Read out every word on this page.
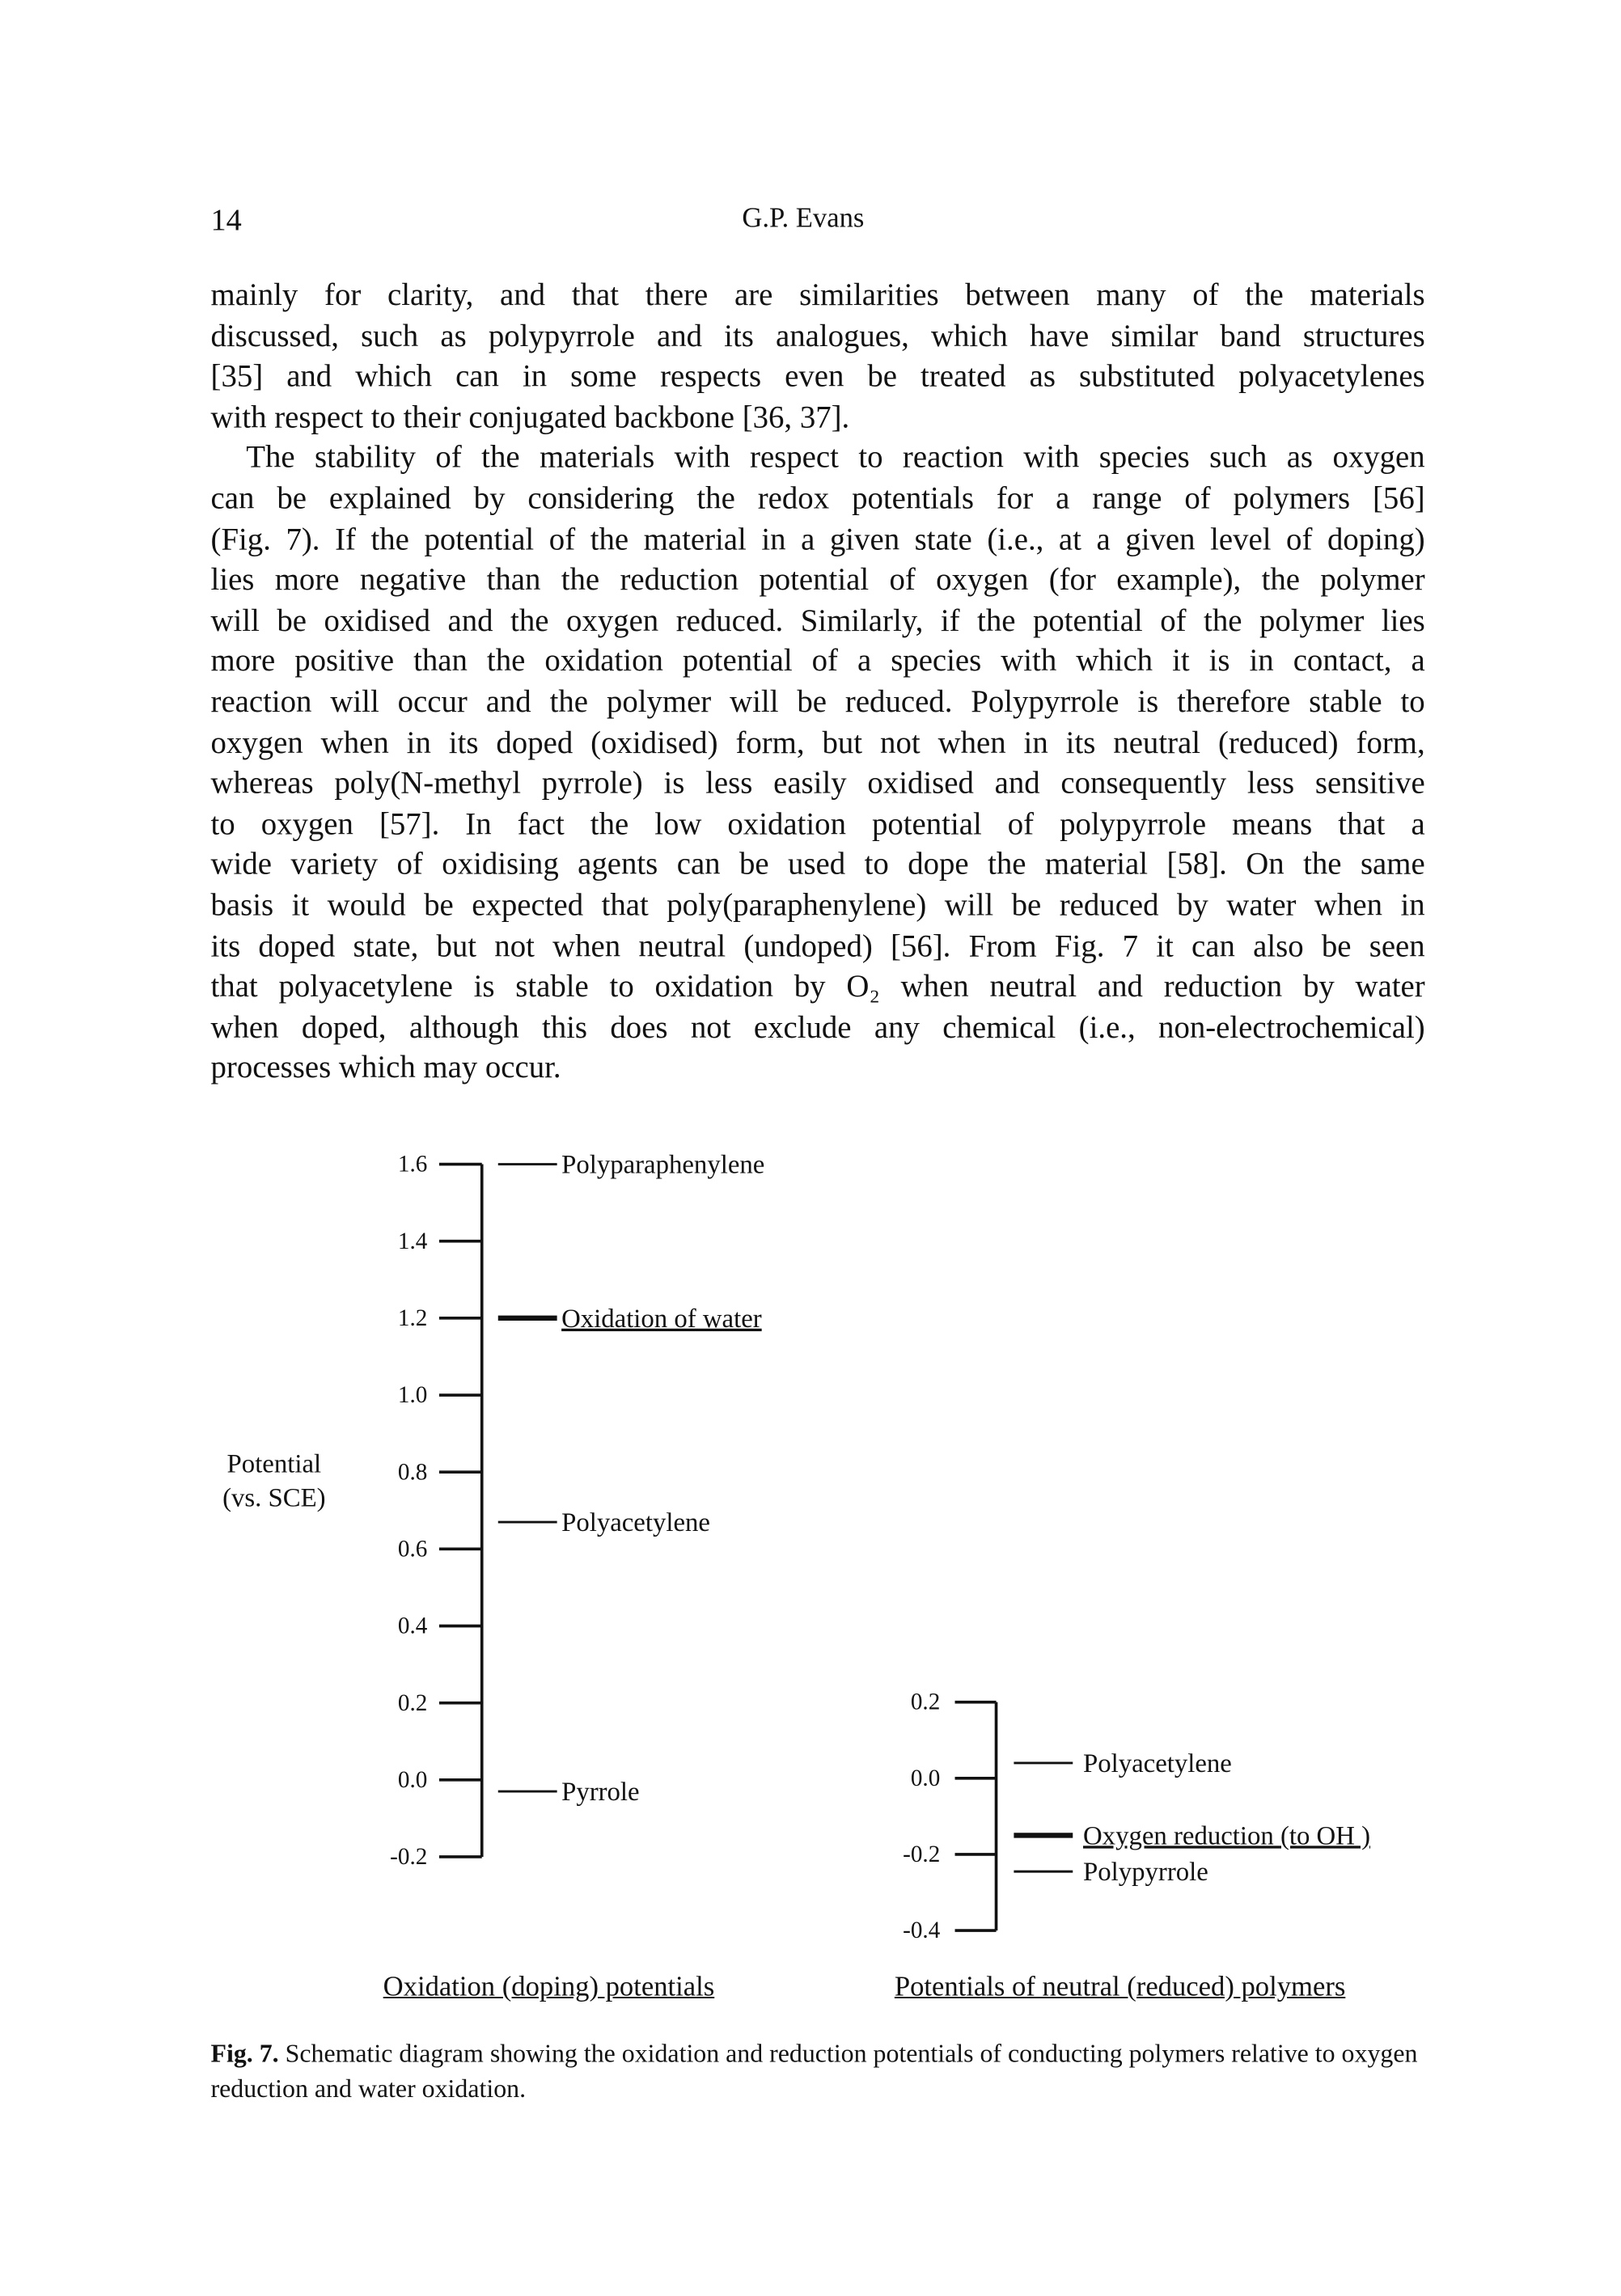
14	G.P. Evans
mainly for clarity, and that there are similarities between many of the materials
discussed, such as polypyrrole and its analogues, which have similar band structures
[35] and which can in some respects even be treated as substituted polyacetylenes
with respect to their conjugated backbone [36, 37].
The stability of the materials with respect to reaction with species such as oxygen
can be explained by considering the redox potentials for a range of polymers [56]
(Fig. 7). If the potential of the material in a given state (i.e., at a given level of doping)
lies more negative than the reduction potential of oxygen (for example), the polymer
will be oxidised and the oxygen reduced. Similarly, if the potential of the polymer lies
more positive than the oxidation potential of a species with which it is in contact, a
reaction will occur and the polymer will be reduced. Polypyrrole is therefore stable to
oxygen when in its doped (oxidised) form, but not when in its neutral (reduced) form,
whereas poly(N-methyl pyrrole) is less easily oxidised and consequently less sensitive
to oxygen [57]. In fact the low oxidation potential of polypyrrole means that a
wide variety of oxidising agents can be used to dope the material [58]. On the same
basis it would be expected that poly(paraphenylene) will be reduced by water when in
its doped state, but not when neutral (undoped) [56]. From Fig. 7 it can also be seen
that polyacetylene is stable to oxidation by O₂ when neutral and reduction by water
when doped, although this does not exclude any chemical (i.e., non-electrochemical)
processes which may occur.
Potential (vs. SCE)
1.6
1.4
1.2
1.0
0.8
0.6
0.4
0.2
0.0
-0.2
Polyparaphenylene
Oxidation of water
Polyacetylene
Pyrrole
0.2
0.0
-0.2
-0.4
Polyacetylene
Oxygen reduction (to OH )
Polypyrrole
Oxidation (doping) potentials	Potentials of neutral (reduced) polymers
Fig. 7. Schematic diagram showing the oxidation and reduction potentials of conducting polymers relative to oxygen reduction and water oxidation.
